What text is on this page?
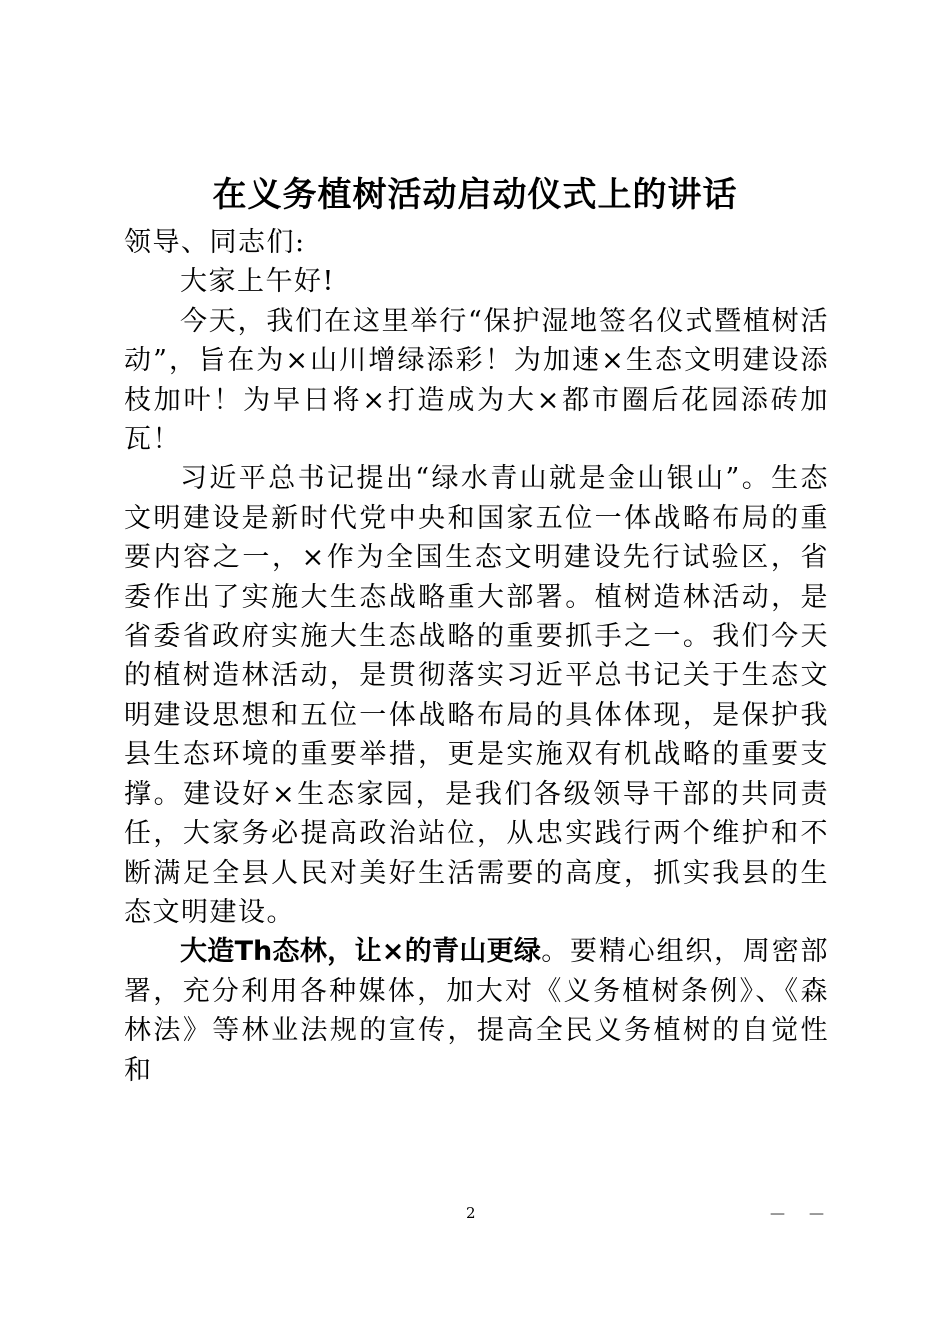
在义务植树活动启动仪式上的讲话

领导、同志们:

大家上午好!

今天，我们在这里举行“保护湿地签名仪式暨植树活动”，旨在为×山川增绿添彩！为加速×生态文明建设添枝加叶！为早日将×打造成为大×都市圈后花园添砖加瓦！

习近平总书记提出“绿水青山就是金山银山”。生态文明建设是新时代党中央和国家五位一体战略布局的重要内容之一，×作为全国生态文明建设先行试验区，省委作出了实施大生态战略重大部署。植树造林活动，是省委省政府实施大生态战略的重要抓手之一。我们今天的植树造林活动，是贯彻落实习近平总书记关于生态文明建设思想和五位一体战略布局的具体体现，是保护我县生态环境的重要举措，更是实施双有机战略的重要支撑。建设好×生态家园，是我们各级领导干部的共同责任，大家务必提高政治站位，从忠实践行两个维护和不断满足全县人民对美好生活需要的高度，抓实我县的生态文明建设。

大造Th态林，让×的青山更绿。要精心组织，周密部署，充分利用各种媒体，加大对《义务植树条例》、《森林法》等林业法规的宣传，提高全民义务植树的自觉性和

2	— —
